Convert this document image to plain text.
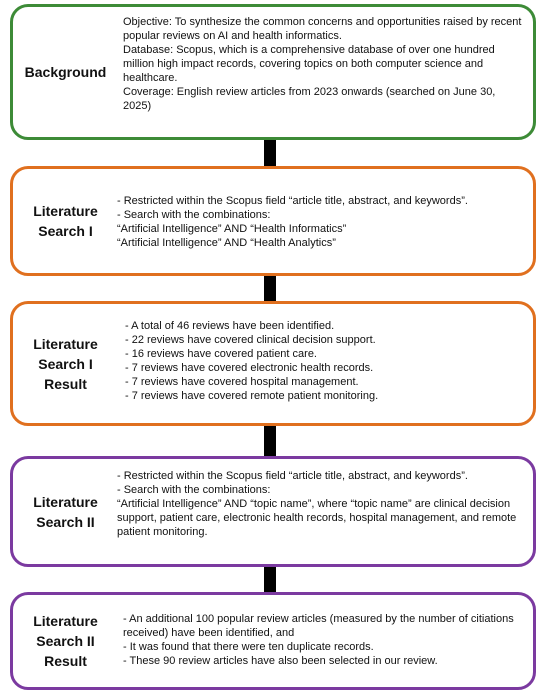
Background

Objective: To synthesize the common concerns and opportunities raised by recent popular reviews on AI and health informatics.

Database: Scopus, which is a comprehensive database of over one hundred million high impact records, covering topics on both computer science and healthcare.

Coverage: English review articles from 2023 onwards (searched on June 30, 2025)

Literature
Search I

- Restricted within the Scopus field “article title, abstract, and keywords”.

- Search with the combinations:

“Artificial Intelligence” AND “Health Informatics”

“Artificial Intelligence” AND “Health Analytics”

Literature
Search I
Result

- A total of 46 reviews have been identified.

- 22 reviews have covered clinical decision support.

- 16 reviews have covered patient care.

- 7 reviews have covered electronic health records.

- 7 reviews have covered hospital management.

- 7 reviews have covered remote patient monitoring.

Literature
Search II

- Restricted within the Scopus field “article title, abstract, and keywords”.

- Search with the combinations:

“Artificial Intelligence” AND “topic name”, where “topic name” are clinical decision support, patient care, electronic health records, hospital management, and remote patient monitoring.

Literature
Search II
Result

- An additional 100 popular review articles (measured by the number of citiations received) have been identified, and

- It was found that there were ten duplicate records.

- These 90 review articles have also been selected in our review.
